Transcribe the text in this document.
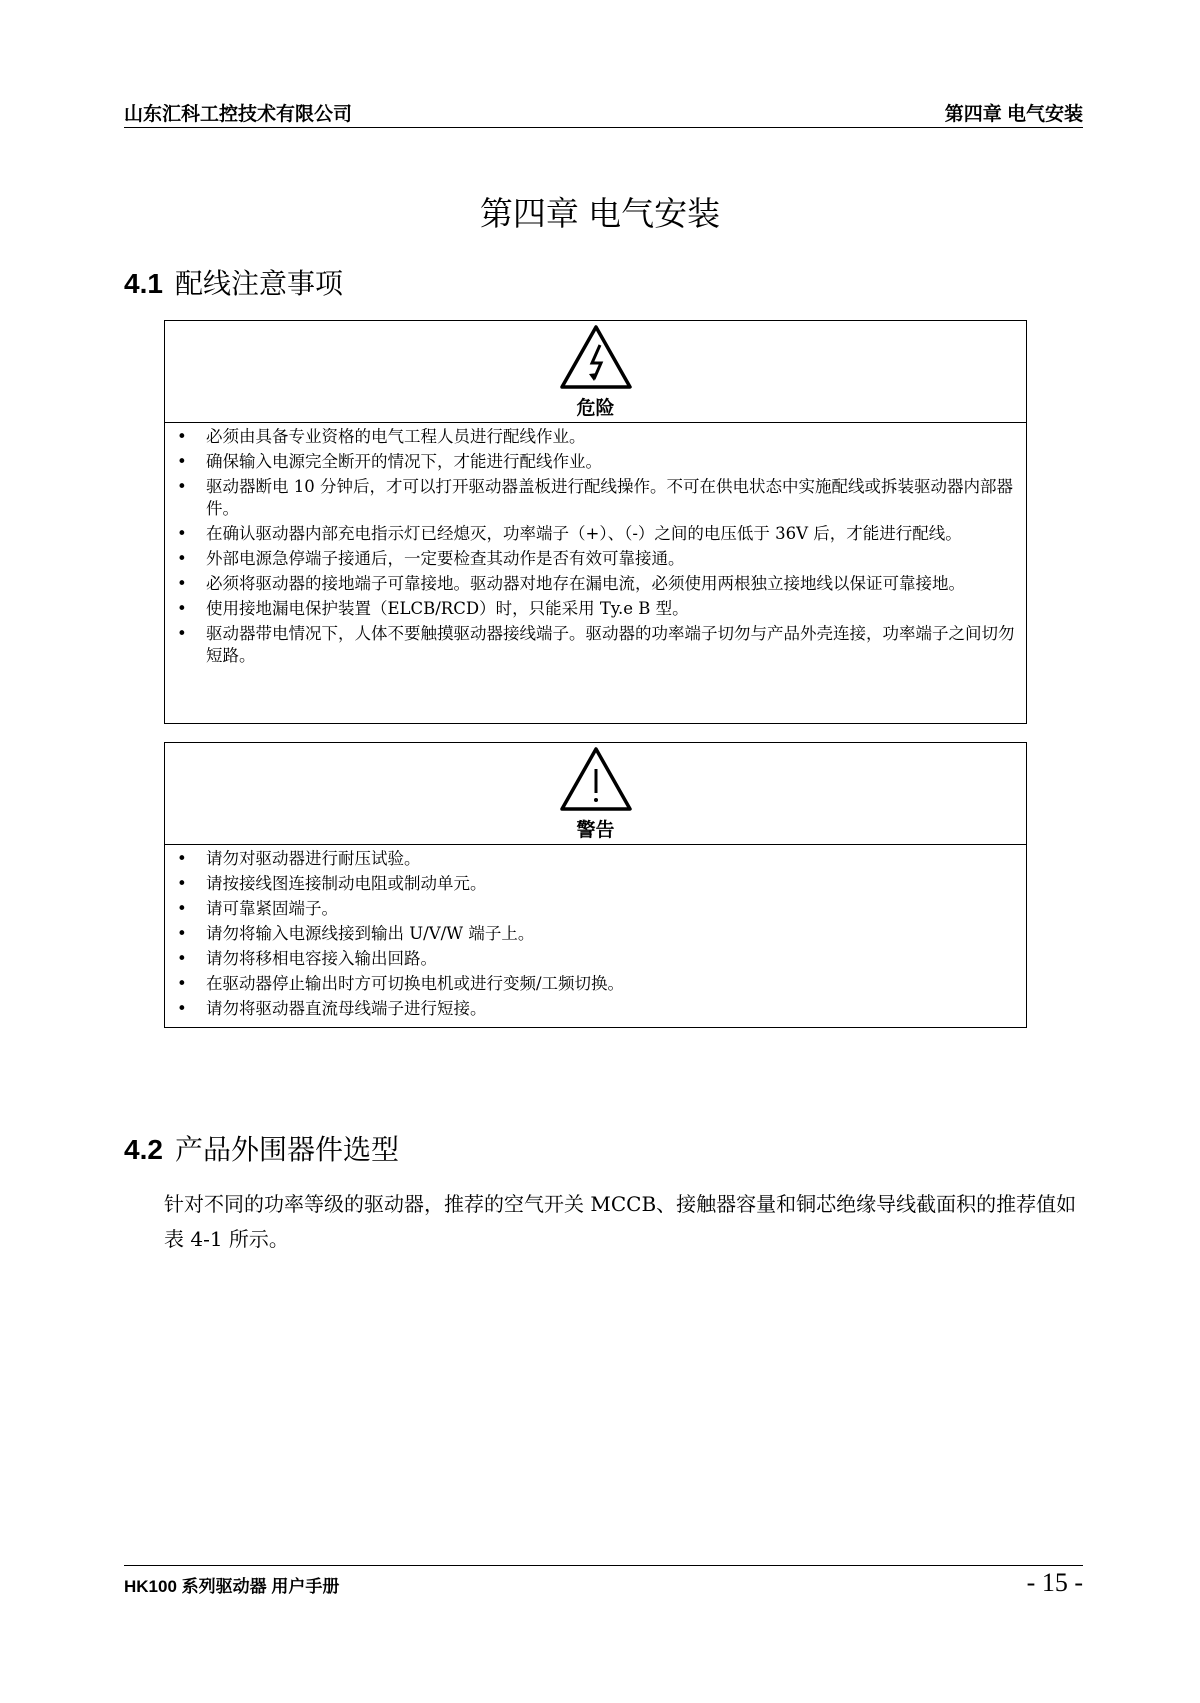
山东汇科工控技术有限公司	第四章 电气安装
第四章 电气安装
4.1 配线注意事项
危险
• 必须由具备专业资格的电气工程人员进行配线作业。
• 确保输入电源完全断开的情况下，才能进行配线作业。
• 驱动器断电 10 分钟后，才可以打开驱动器盖板进行配线操作。不可在供电状态中实施配线或拆装驱动器内部器件。
• 在确认驱动器内部充电指示灯已经熄灭，功率端子（+）、（-）之间的电压低于 36V 后，才能进行配线。
• 外部电源急停端子接通后，一定要检查其动作是否有效可靠接通。
• 必须将驱动器的接地端子可靠接地。驱动器对地存在漏电流，必须使用两根独立接地线以保证可靠接地。
• 使用接地漏电保护装置（ELCB/RCD）时，只能采用 Ty.e B 型。
• 驱动器带电情况下，人体不要触摸驱动器接线端子。驱动器的功率端子切勿与产品外壳连接，功率端子之间切勿短路。
警告
• 请勿对驱动器进行耐压试验。
• 请按接线图连接制动电阻或制动单元。
• 请可靠紧固端子。
• 请勿将输入电源线接到输出 U/V/W 端子上。
• 请勿将移相电容接入输出回路。
• 在驱动器停止输出时方可切换电机或进行变频/工频切换。
• 请勿将驱动器直流母线端子进行短接。
4.2 产品外围器件选型
针对不同的功率等级的驱动器，推荐的空气开关 MCCB、接触器容量和铜芯绝缘导线截面积的推荐值如表 4-1 所示。
HK100 系列驱动器 用户手册	- 15 -
